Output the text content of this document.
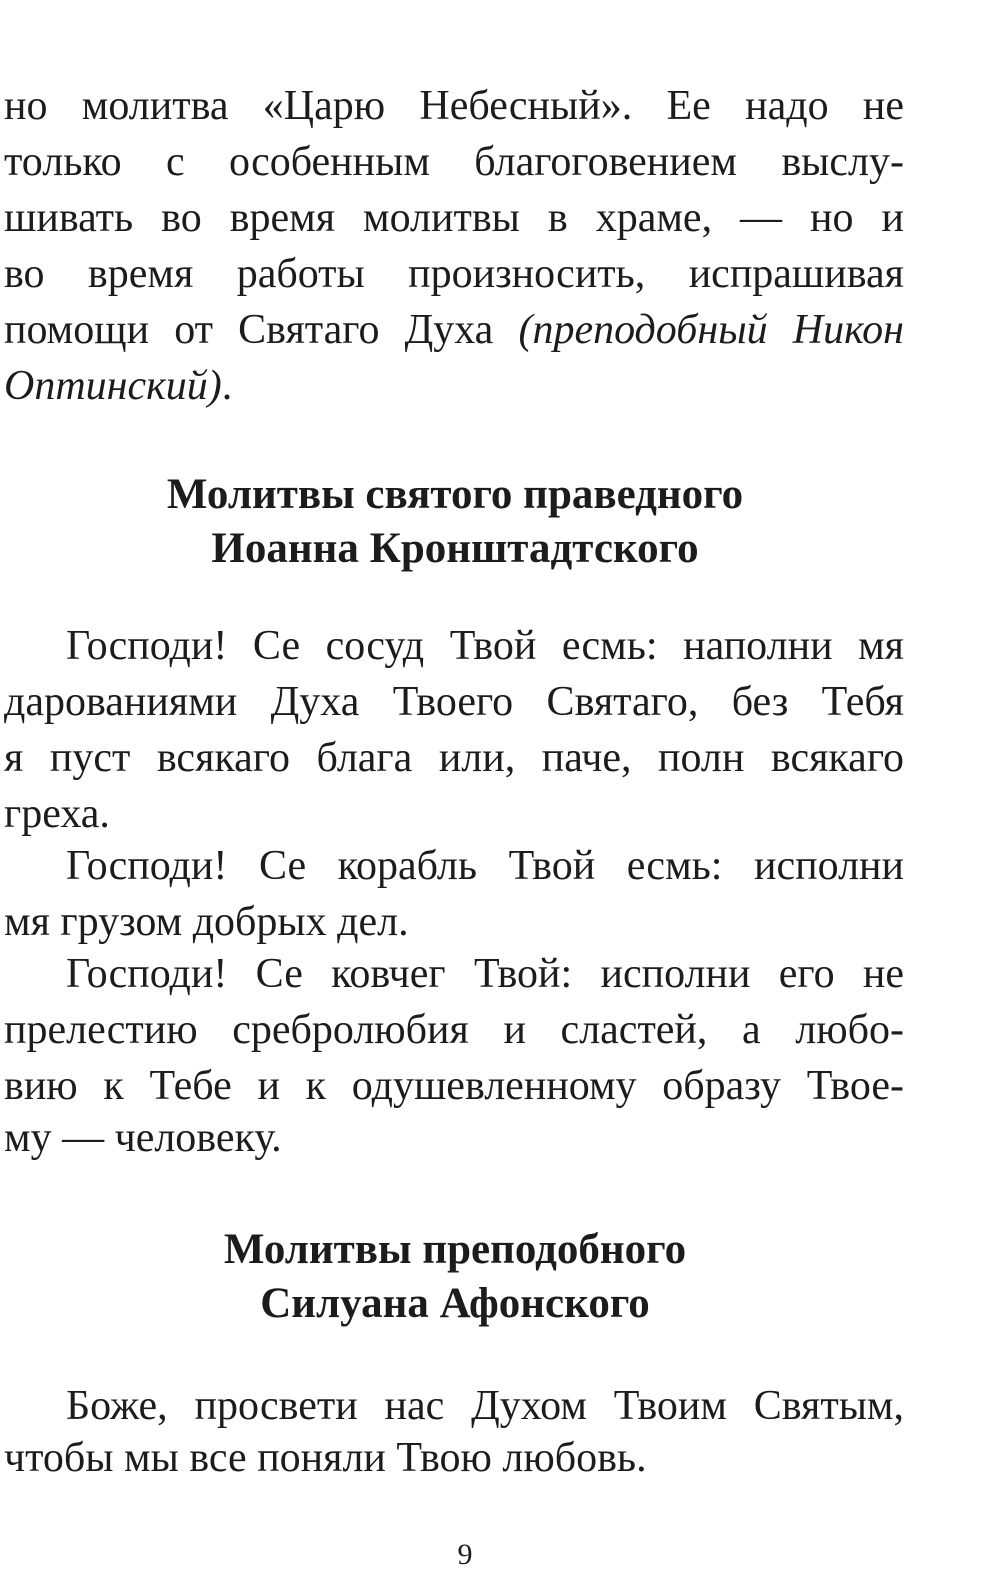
но молитва «Царю Небесный». Ее надо не
только с особенным благоговением выслу-
шивать во время молитвы в храме, — но и
во время работы произносить, испрашивая
помощи от Святаго Духа (преподобный Никон
Оптинский).
Молитвы святого праведного
Иоанна Кронштадтского
Господи! Се сосуд Твой есмь: наполни мя
дарованиями Духа Твоего Святаго, без Тебя
я пуст всякаго блага или, паче, полн всякаго
греха.
Господи! Се корабль Твой есмь: исполни
мя грузом добрых дел.
Господи! Се ковчег Твой: исполни его не
прелестию сребролюбия и сластей, а любо-
вию к Тебе и к одушевленному образу Твое-
му — человеку.
Молитвы преподобного
Силуана Афонского
Боже, просвети нас Духом Твоим Святым,
чтобы мы все поняли Твою любовь.
9
